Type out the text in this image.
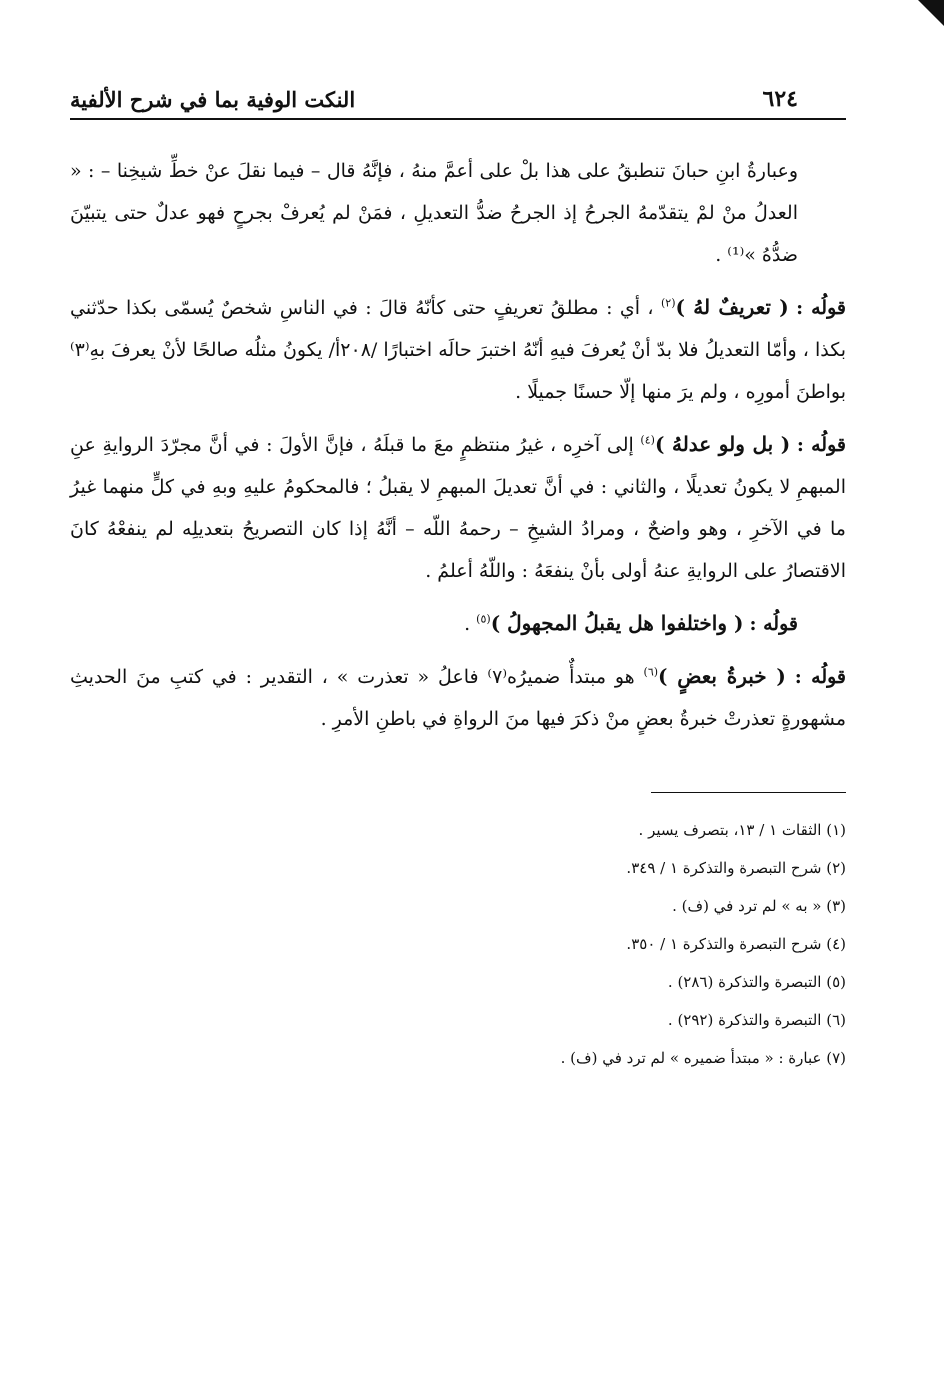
٦٢٤
النكت الوفية بما في شرح الألفية

وعبارةُ ابنِ حبانَ تنطبقُ على هذا بلْ على أعمَّ منهُ ، فإنَّهُ قال – فيما نقلَ عنْ خطِّ شيخِنا – : « العدلُ منْ لمْ يتقدّمهُ الجرحُ إذ الجرحُ ضدُّ التعديلِ ، فمَنْ لم يُعرفْ بجرحٍ فهو عدلٌ حتى يتبيّنَ ضدُّهُ »⁽¹⁾ .

قولُه : ( تعريفٌ لهُ )$^{(٢)}$ ، أي : مطلقُ تعريفٍ حتى كأنّهُ قالَ : في الناسِ شخصٌ يُسمّى بكذا حدّثني بكذا ، وأمّا التعديلُ فلا بدّ أنْ يُعرفَ فيهِ أنّهُ اختبرَ حالَه اختبارًا /٢٠٨أ/ يكونُ مثلُه صالحًا لأنْ يعرفَ بهِ⁽٣⁾ بواطنَ أمورِه ، ولم يرَ منها إلّا حسنًا جميلًا .

قولُه : ( بل ولو عدلهُ )$^{(٤)}$ إلى آخرِه ، غيرُ منتظمٍ معَ ما قبلَهُ ، فإنَّ الأولَ : في أنَّ مجرّدَ الروايةِ عنِ المبهمِ لا يكونُ تعديلًا ، والثاني : في أنَّ تعديلَ المبهمِ لا يقبلُ ؛ فالمحكومُ عليهِ وبهِ في كلٍّ منهما غيرُ ما في الآخرِ ، وهو واضحٌ ، ومرادُ الشيخِ – رحمهُ اللّه – أنَّهُ إذا كان التصريحُ بتعديلِه لم ينفعْهُ كانَ الاقتصارُ على الروايةِ عنهُ أولى بأنْ ينفعَهُ : واللّهُ أعلمُ .

قولُه : ( واختلفوا هل يقبلُ المجهولُ )$^{(٥)}$ .

قولُه : ( خبرةُ بعضٍ )$^{(٦)}$ هو مبتدأٌ ضميرُه⁽٧⁾ فاعلُ « تعذرت » ، التقدير : في كتبِ منَ الحديثِ مشهورةٍ تعذرتْ خبرةُ بعضٍ منْ ذكرَ فيها منَ الرواةِ في باطنِ الأمرِ .

(١) الثقات ١ / ١٣، بتصرف يسير .

(٢) شرح التبصرة والتذكرة ١ / ٣٤٩.

(٣) « به » لم ترد في (ف) .

(٤) شرح التبصرة والتذكرة ١ / ٣٥٠.

(٥) التبصرة والتذكرة (٢٨٦) .

(٦) التبصرة والتذكرة (٢٩٢) .

(٧) عبارة : « مبتدأ ضميره » لم ترد في (ف) .
